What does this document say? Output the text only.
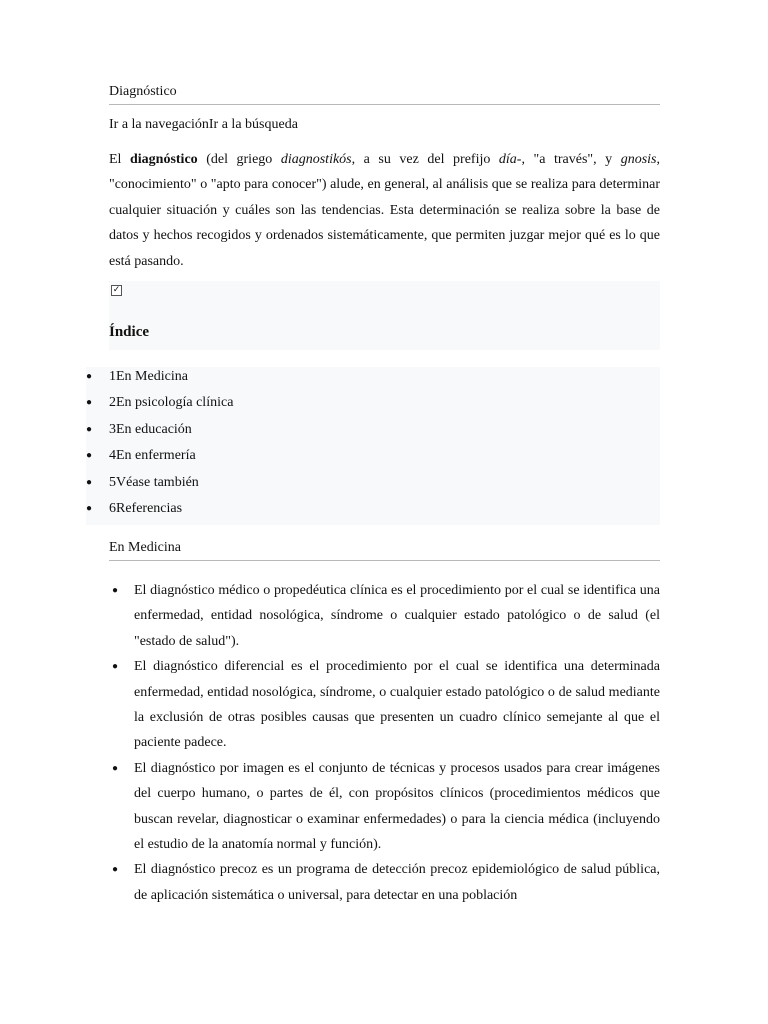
Diagnóstico
Ir a la navegaciónIr a la búsqueda

El diagnóstico (del griego diagnostikós, a su vez del prefijo día-, "a través", y gnosis, "conocimiento" o "apto para conocer") alude, en general, al análisis que se realiza para determinar cualquier situación y cuáles son las tendencias. Esta determinación se realiza sobre la base de datos y hechos recogidos y ordenados sistemáticamente, que permiten juzgar mejor qué es lo que está pasando.

✓
Índice
● 1En Medicina
● 2En psicología clínica
● 3En educación
● 4En enfermería
● 5Véase también
● 6Referencias
En Medicina
● El diagnóstico médico o propedéutica clínica es el procedimiento por el cual se identifica una enfermedad, entidad nosológica, síndrome o cualquier estado patológico o de salud (el "estado de salud").
● El diagnóstico diferencial es el procedimiento por el cual se identifica una determinada enfermedad, entidad nosológica, síndrome, o cualquier estado patológico o de salud mediante la exclusión de otras posibles causas que presenten un cuadro clínico semejante al que el paciente padece.
● El diagnóstico por imagen es el conjunto de técnicas y procesos usados para crear imágenes del cuerpo humano, o partes de él, con propósitos clínicos (procedimientos médicos que buscan revelar, diagnosticar o examinar enfermedades) o para la ciencia médica (incluyendo el estudio de la anatomía normal y función).
● El diagnóstico precoz es un programa de detección precoz epidemiológico de salud pública, de aplicación sistemática o universal, para detectar en una población
